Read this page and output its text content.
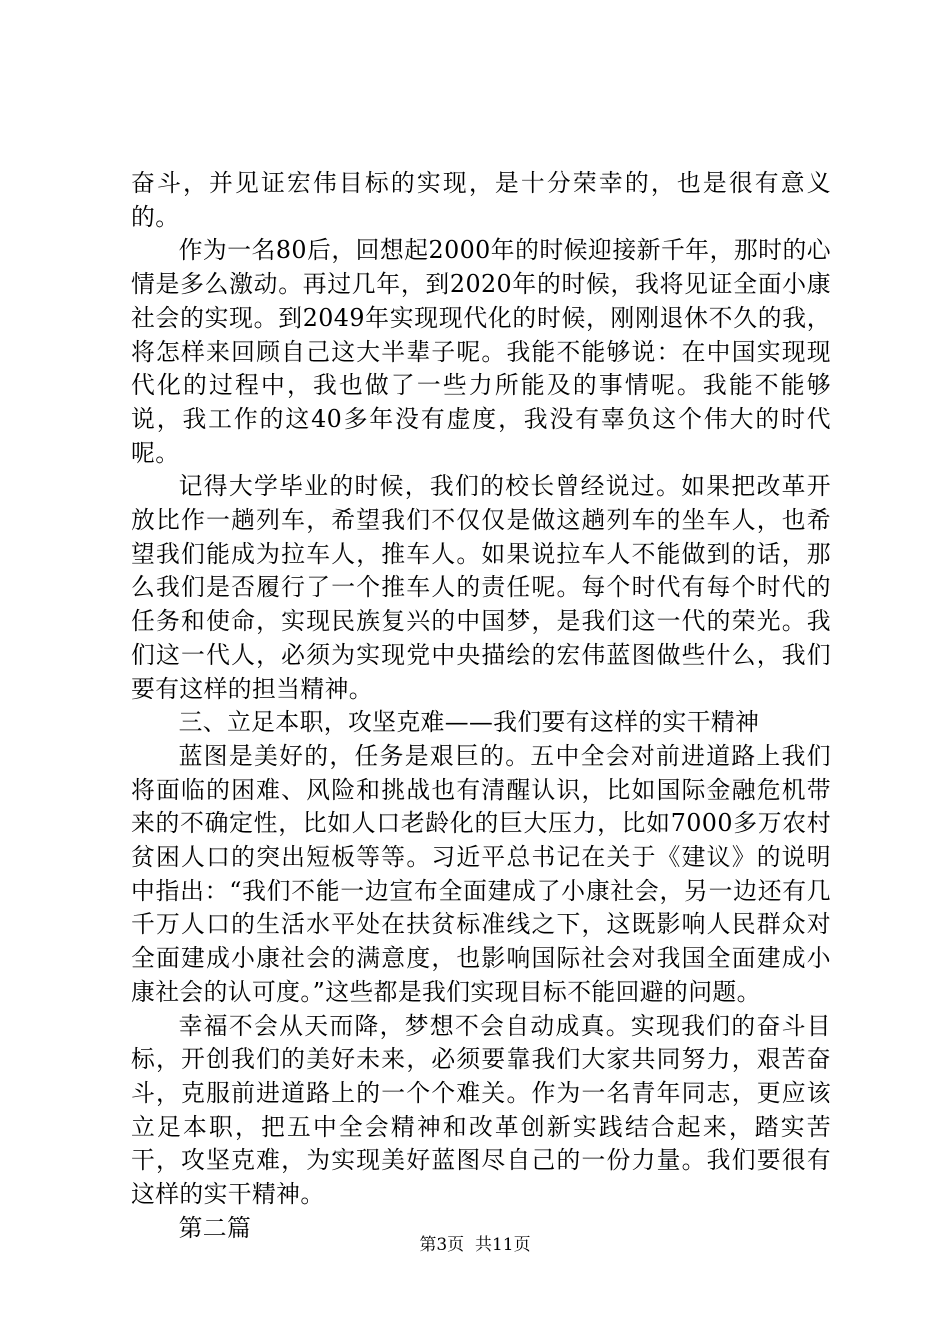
奋斗，并见证宏伟目标的实现，是十分荣幸的，也是很有意义的。

作为一名80后，回想起2000年的时候迎接新千年，那时的心情是多么激动。再过几年，到2020年的时候，我将见证全面小康社会的实现。到2049年实现现代化的时候，刚刚退休不久的我，将怎样来回顾自己这大半辈子呢。我能不能够说：在中国实现现代化的过程中，我也做了一些力所能及的事情呢。我能不能够说，我工作的这40多年没有虚度，我没有辜负这个伟大的时代呢。

记得大学毕业的时候，我们的校长曾经说过。如果把改革开放比作一趟列车，希望我们不仅仅是做这趟列车的坐车人，也希望我们能成为拉车人，推车人。如果说拉车人不能做到的话，那么我们是否履行了一个推车人的责任呢。每个时代有每个时代的任务和使命，实现民族复兴的中国梦，是我们这一代的荣光。我们这一代人，必须为实现党中央描绘的宏伟蓝图做些什么，我们要有这样的担当精神。

三、立足本职，攻坚克难——我们要有这样的实干精神

蓝图是美好的，任务是艰巨的。五中全会对前进道路上我们将面临的困难、风险和挑战也有清醒认识，比如国际金融危机带来的不确定性，比如人口老龄化的巨大压力，比如7000多万农村贫困人口的突出短板等等。习近平总书记在关于《建议》的说明中指出：“我们不能一边宣布全面建成了小康社会，另一边还有几千万人口的生活水平处在扶贫标准线之下，这既影响人民群众对全面建成小康社会的满意度，也影响国际社会对我国全面建成小康社会的认可度。”这些都是我们实现目标不能回避的问题。

幸福不会从天而降，梦想不会自动成真。实现我们的奋斗目标，开创我们的美好未来，必须要靠我们大家共同努力，艰苦奋斗，克服前进道路上的一个个难关。作为一名青年同志，更应该立足本职，把五中全会精神和改革创新实践结合起来，踏实苦干，攻坚克难，为实现美好蓝图尽自己的一份力量。我们要很有这样的实干精神。

第二篇

第3页  共11页
